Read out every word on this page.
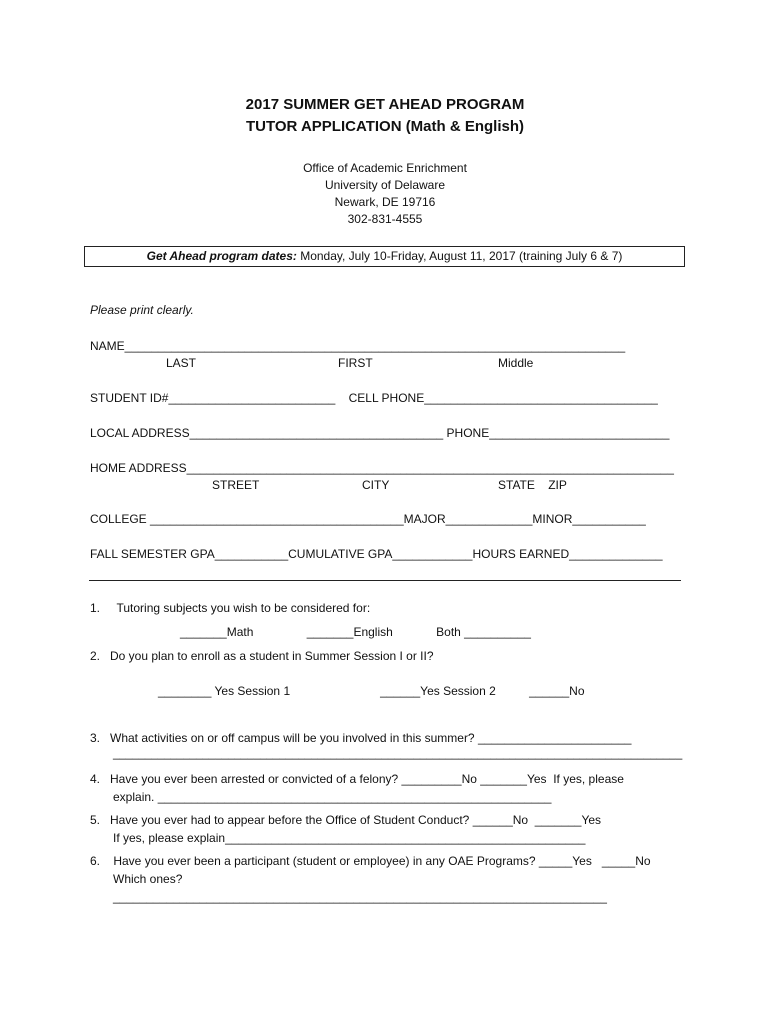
2017 SUMMER GET AHEAD PROGRAM
TUTOR APPLICATION (Math & English)
Office of Academic Enrichment
University of Delaware
Newark, DE 19716
302-831-4555
Get Ahead program dates: Monday, July 10-Friday, August 11, 2017 (training July 6 & 7)
Please print clearly.
NAME___________________________________________________________________________
LAST	FIRST	Middle
STUDENT ID#_________________________    CELL PHONE___________________________________
LOCAL ADDRESS______________________________________ PHONE___________________________
HOME ADDRESS_________________________________________________________________________
STREET	CITY	STATE    ZIP
COLLEGE ______________________________________MAJOR_____________MINOR___________
FALL SEMESTER GPA___________CUMULATIVE GPA____________HOURS EARNED______________
1.     Tutoring subjects you wish to be considered for:
_______Math                _______English             Both __________
2.   Do you plan to enroll as a student in Summer Session I or II?
________ Yes Session 1                           ______Yes Session 2          ______No
3.   What activities on or off campus will be you involved in this summer? _______________________
_________________________________________________________________________________________
4.   Have you ever been arrested or convicted of a felony? _________No _______Yes  If yes, please
explain. ___________________________________________________________
5.   Have you ever had to appear before the Office of Student Conduct? ______No  _______Yes
If yes, please explain______________________________________________________
6.    Have you ever been a participant (student or employee) in any OAE Programs? _____Yes   _____No
Which ones?
__________________________________________________________________________
